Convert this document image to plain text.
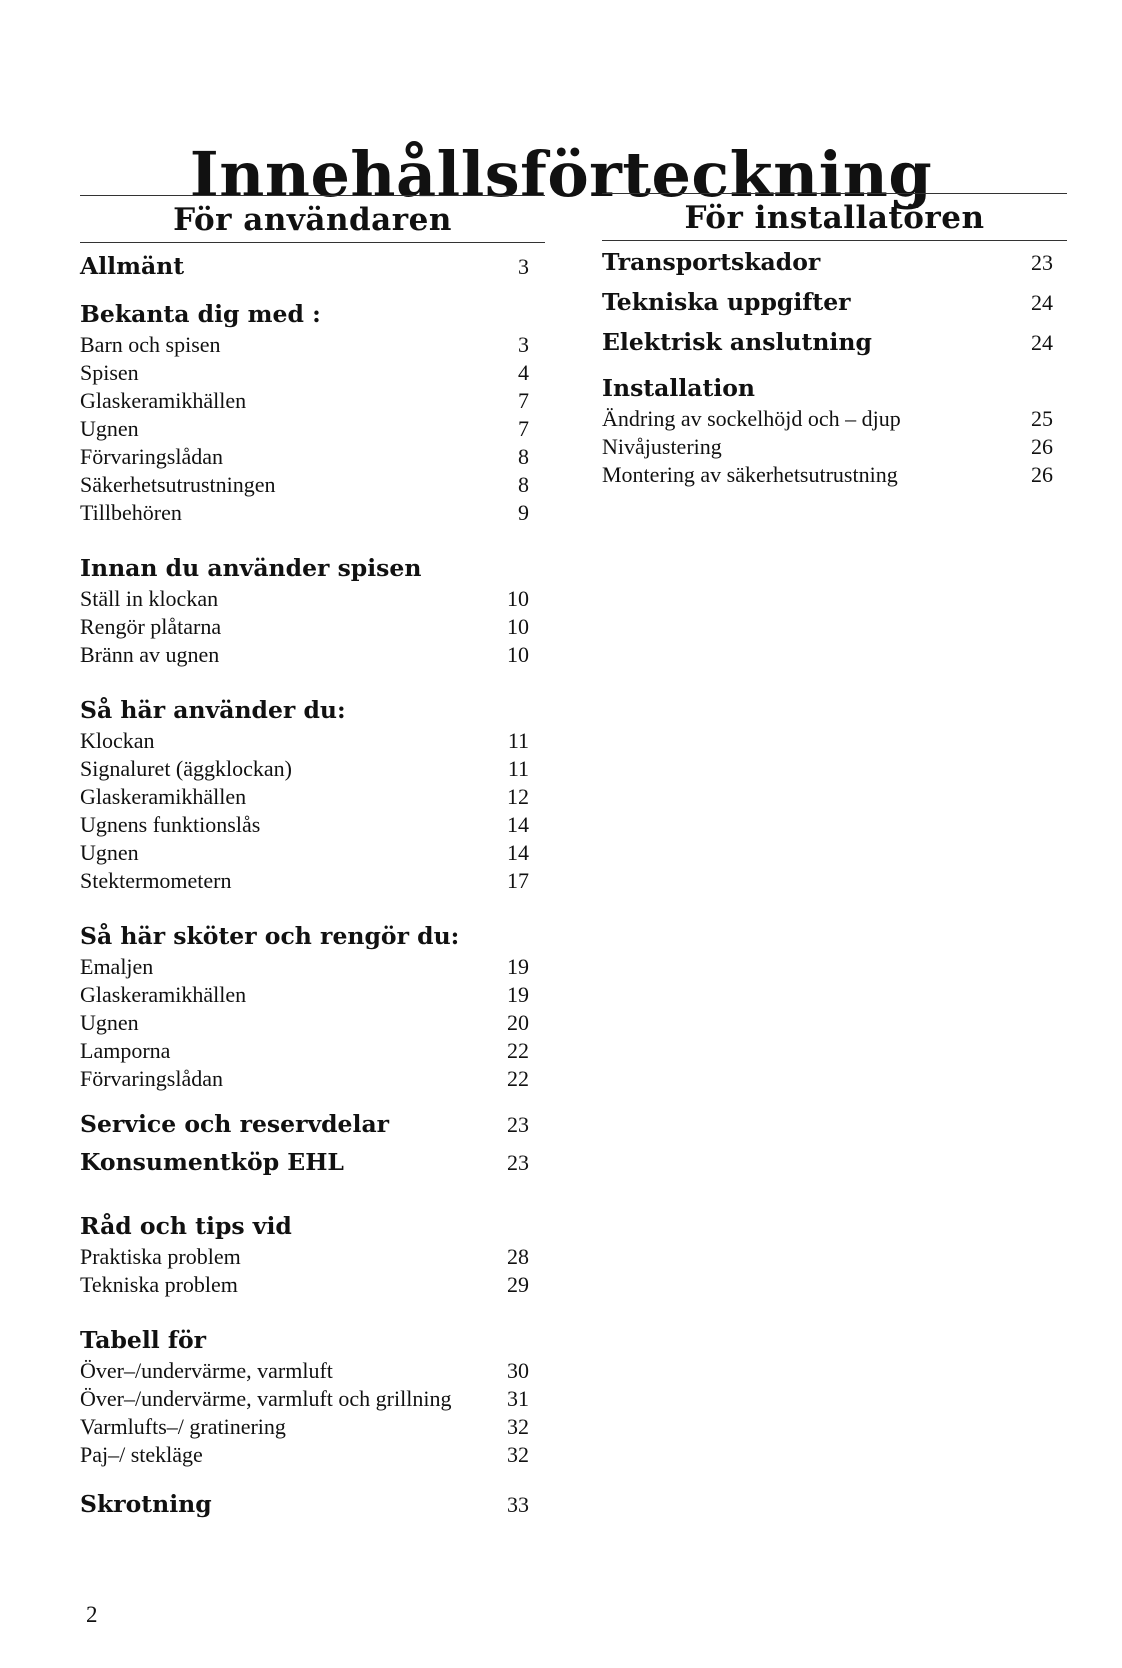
Innehållsförteckning
För användaren
Allmänt	3
Bekanta dig med :
Barn och spisen	3
Spisen	4
Glaskeramikhällen	7
Ugnen	7
Förvaringslådan	8
Säkerhetsutrustningen	8
Tillbehören	9
Innan du använder spisen
Ställ in klockan	10
Rengör plåtarna	10
Bränn av ugnen	10
Så här använder du:
Klockan	11
Signaluret (äggklockan)	11
Glaskeramikhällen	12
Ugnens funktionslås	14
Ugnen	14
Stektermometern	17
Så här sköter och rengör du:
Emaljen	19
Glaskeramikhällen	19
Ugnen	20
Lamporna	22
Förvaringslådan	22
Service och reservdelar	23
Konsumentköp EHL	23
Råd och tips vid
Praktiska problem	28
Tekniska problem	29
Tabell för
Över–/undervärme, varmluft	30
Över–/undervärme, varmluft och grillning	31
Varmlufts–/ gratinering	32
Paj–/ stekläge	32
Skrotning	33
För installatören
Transportskador	23
Tekniska uppgifter	24
Elektrisk anslutning	24
Installation
Ändring av sockelhöjd och – djup	25
Nivåjustering	26
Montering av säkerhetsutrustning	26
2
